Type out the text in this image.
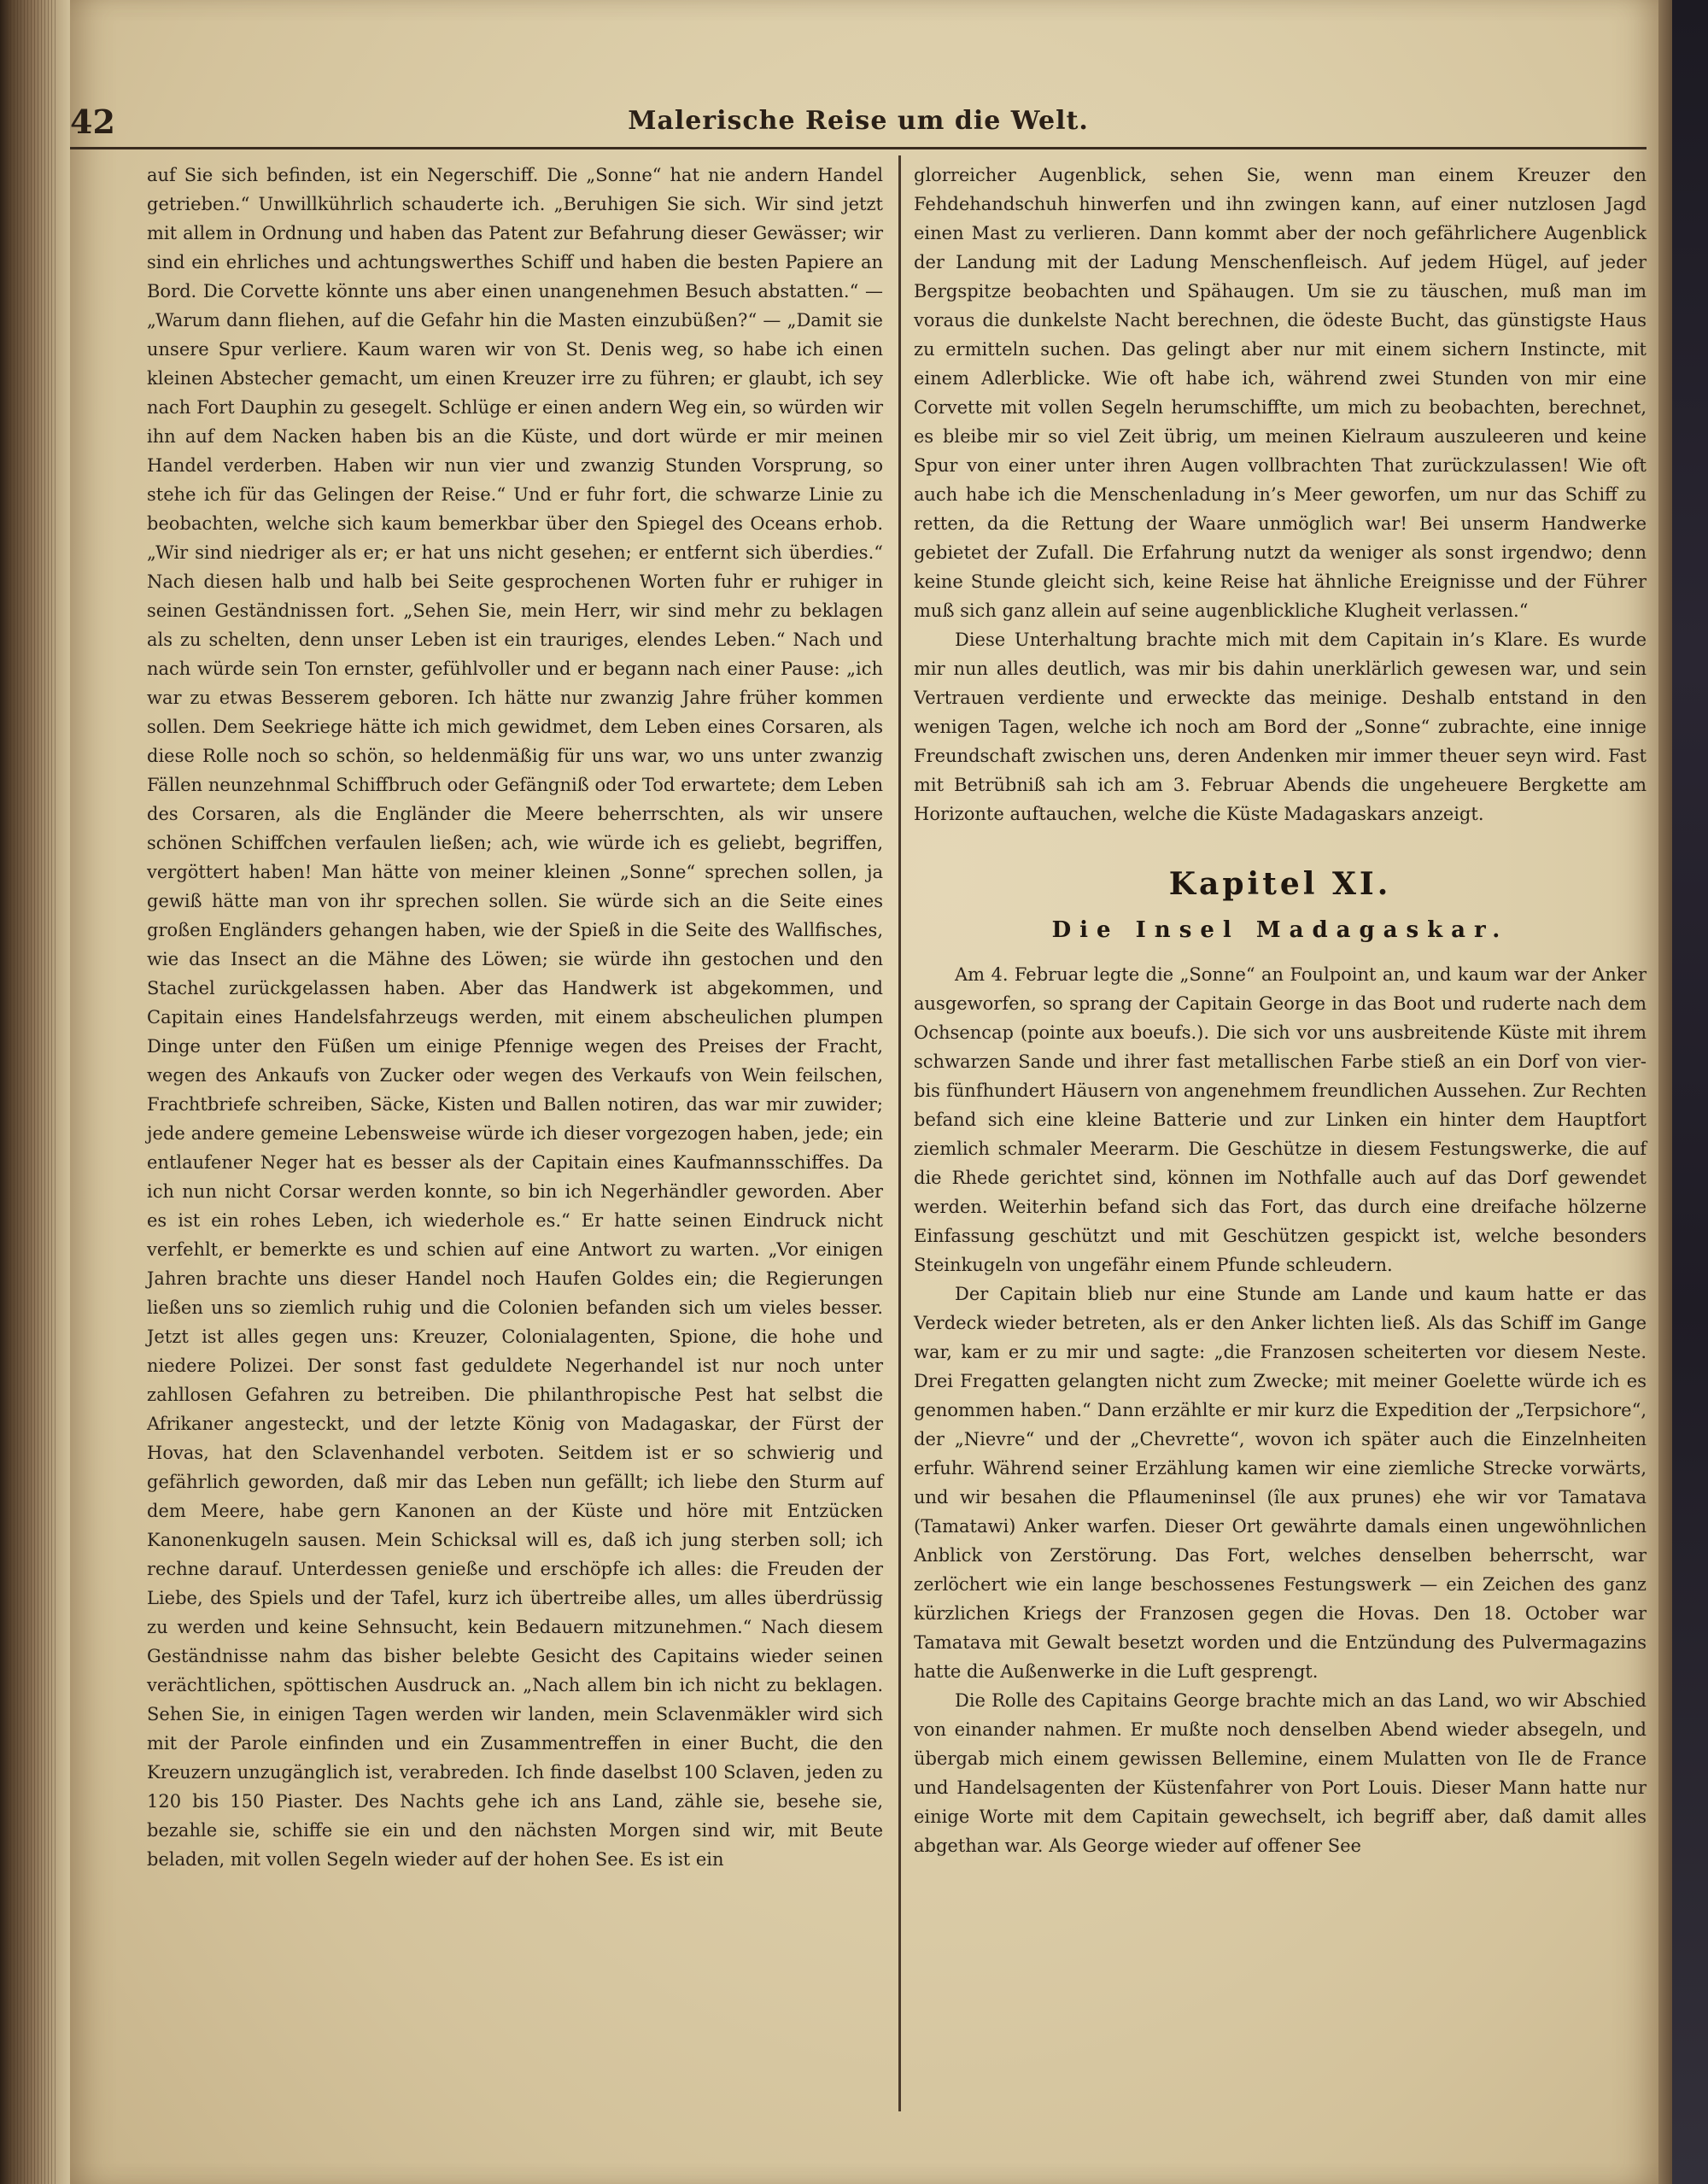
42	Malerische Reise um die Welt.

auf Sie sich befinden, ist ein Negerschiff. Die „Sonne“ hat nie andern Handel getrieben.“ Unwillkührlich schauderte ich. „Beruhigen Sie sich. Wir sind jetzt mit allem in Ordnung und haben das Patent zur Befahrung dieser Gewässer; wir sind ein ehrliches und achtungswerthes Schiff und haben die besten Papiere an Bord. Die Corvette könnte uns aber einen unangenehmen Besuch abstatten.“ — „Warum dann fliehen, auf die Gefahr hin die Masten einzubüßen?“ — „Damit sie unsere Spur verliere. Kaum waren wir von St. Denis weg, so habe ich einen kleinen Abstecher gemacht, um einen Kreuzer irre zu führen; er glaubt, ich sey nach Fort Dauphin zu gesegelt. Schlüge er einen andern Weg ein, so würden wir ihn auf dem Nacken haben bis an die Küste, und dort würde er mir meinen Handel verderben. Haben wir nun vier und zwanzig Stunden Vorsprung, so stehe ich für das Gelingen der Reise.“ Und er fuhr fort, die schwarze Linie zu beobachten, welche sich kaum bemerkbar über den Spiegel des Oceans erhob. „Wir sind niedriger als er; er hat uns nicht gesehen; er entfernt sich überdies.“ Nach diesen halb und halb bei Seite gesprochenen Worten fuhr er ruhiger in seinen Geständnissen fort. „Sehen Sie, mein Herr, wir sind mehr zu beklagen als zu schelten, denn unser Leben ist ein trauriges, elendes Leben.“ Nach und nach würde sein Ton ernster, gefühlvoller und er begann nach einer Pause: „ich war zu etwas Besserem geboren. Ich hätte nur zwanzig Jahre früher kommen sollen. Dem Seekriege hätte ich mich gewidmet, dem Leben eines Corsaren, als diese Rolle noch so schön, so heldenmäßig für uns war, wo uns unter zwanzig Fällen neunzehnmal Schiffbruch oder Gefängniß oder Tod erwartete; dem Leben des Corsaren, als die Engländer die Meere beherrschten, als wir unsere schönen Schiffchen verfaulen ließen; ach, wie würde ich es geliebt, begriffen, vergöttert haben! Man hätte von meiner kleinen „Sonne“ sprechen sollen, ja gewiß hätte man von ihr sprechen sollen. Sie würde sich an die Seite eines großen Engländers gehangen haben, wie der Spieß in die Seite des Wallfisches, wie das Insect an die Mähne des Löwen; sie würde ihn gestochen und den Stachel zurückgelassen haben. Aber das Handwerk ist abgekommen, und Capitain eines Handelsfahrzeugs werden, mit einem abscheulichen plumpen Dinge unter den Füßen um einige Pfennige wegen des Preises der Fracht, wegen des Ankaufs von Zucker oder wegen des Verkaufs von Wein feilschen, Frachtbriefe schreiben, Säcke, Kisten und Ballen notiren, das war mir zuwider; jede andere gemeine Lebensweise würde ich dieser vorgezogen haben, jede; ein entlaufener Neger hat es besser als der Capitain eines Kaufmannsschiffes. Da ich nun nicht Corsar werden konnte, so bin ich Negerhändler geworden. Aber es ist ein rohes Leben, ich wiederhole es.“ Er hatte seinen Eindruck nicht verfehlt, er bemerkte es und schien auf eine Antwort zu warten. „Vor einigen Jahren brachte uns dieser Handel noch Haufen Goldes ein; die Regierungen ließen uns so ziemlich ruhig und die Colonien befanden sich um vieles besser. Jetzt ist alles gegen uns: Kreuzer, Colonialagenten, Spione, die hohe und niedere Polizei. Der sonst fast geduldete Negerhandel ist nur noch unter zahllosen Gefahren zu betreiben. Die philanthropische Pest hat selbst die Afrikaner angesteckt, und der letzte König von Madagaskar, der Fürst der Hovas, hat den Sclavenhandel verboten. Seitdem ist er so schwierig und gefährlich geworden, daß mir das Leben nun gefällt; ich liebe den Sturm auf dem Meere, habe gern Kanonen an der Küste und höre mit Entzücken Kanonenkugeln sausen. Mein Schicksal will es, daß ich jung sterben soll; ich rechne darauf. Unterdessen genieße und erschöpfe ich alles: die Freuden der Liebe, des Spiels und der Tafel, kurz ich übertreibe alles, um alles überdrüssig zu werden und keine Sehnsucht, kein Bedauern mitzunehmen.“ Nach diesem Geständnisse nahm das bisher belebte Gesicht des Capitains wieder seinen verächtlichen, spöttischen Ausdruck an. „Nach allem bin ich nicht zu beklagen. Sehen Sie, in einigen Tagen werden wir landen, mein Sclavenmäkler wird sich mit der Parole einfinden und ein Zusammentreffen in einer Bucht, die den Kreuzern unzugänglich ist, verabreden. Ich finde daselbst 100 Sclaven, jeden zu 120 bis 150 Piaster. Des Nachts gehe ich ans Land, zähle sie, besehe sie, bezahle sie, schiffe sie ein und den nächsten Morgen sind wir, mit Beute beladen, mit vollen Segeln wieder auf der hohen See. Es ist ein

glorreicher Augenblick, sehen Sie, wenn man einem Kreuzer den Fehdehandschuh hinwerfen und ihn zwingen kann, auf einer nutzlosen Jagd einen Mast zu verlieren. Dann kommt aber der noch gefährlichere Augenblick der Landung mit der Ladung Menschenfleisch. Auf jedem Hügel, auf jeder Bergspitze beobachten und Spähaugen. Um sie zu täuschen, muß man im voraus die dunkelste Nacht berechnen, die ödeste Bucht, das günstigste Haus zu ermitteln suchen. Das gelingt aber nur mit einem sichern Instincte, mit einem Adlerblicke. Wie oft habe ich, während zwei Stunden von mir eine Corvette mit vollen Segeln herumschiffte, um mich zu beobachten, berechnet, es bleibe mir so viel Zeit übrig, um meinen Kielraum auszuleeren und keine Spur von einer unter ihren Augen vollbrachten That zurückzulassen! Wie oft auch habe ich die Menschenladung in’s Meer geworfen, um nur das Schiff zu retten, da die Rettung der Waare unmöglich war! Bei unserm Handwerke gebietet der Zufall. Die Erfahrung nutzt da weniger als sonst irgendwo; denn keine Stunde gleicht sich, keine Reise hat ähnliche Ereignisse und der Führer muß sich ganz allein auf seine augenblickliche Klugheit verlassen.“

Diese Unterhaltung brachte mich mit dem Capitain in’s Klare. Es wurde mir nun alles deutlich, was mir bis dahin unerklärlich gewesen war, und sein Vertrauen verdiente und erweckte das meinige. Deshalb entstand in den wenigen Tagen, welche ich noch am Bord der „Sonne“ zubrachte, eine innige Freundschaft zwischen uns, deren Andenken mir immer theuer seyn wird. Fast mit Betrübniß sah ich am 3. Februar Abends die ungeheuere Bergkette am Horizonte auftauchen, welche die Küste Madagaskars anzeigt.

Kapitel XI.
Die Insel Madagaskar.

Am 4. Februar legte die „Sonne“ an Foulpoint an, und kaum war der Anker ausgeworfen, so sprang der Capitain George in das Boot und ruderte nach dem Ochsencap (pointe aux boeufs.). Die sich vor uns ausbreitende Küste mit ihrem schwarzen Sande und ihrer fast metallischen Farbe stieß an ein Dorf von vier- bis fünfhundert Häusern von angenehmem freundlichen Aussehen. Zur Rechten befand sich eine kleine Batterie und zur Linken ein hinter dem Hauptfort ziemlich schmaler Meerarm. Die Geschütze in diesem Festungswerke, die auf die Rhede gerichtet sind, können im Nothfalle auch auf das Dorf gewendet werden. Weiterhin befand sich das Fort, das durch eine dreifache hölzerne Einfassung geschützt und mit Geschützen gespickt ist, welche besonders Steinkugeln von ungefähr einem Pfunde schleudern.

Der Capitain blieb nur eine Stunde am Lande und kaum hatte er das Verdeck wieder betreten, als er den Anker lichten ließ. Als das Schiff im Gange war, kam er zu mir und sagte: „die Franzosen scheiterten vor diesem Neste. Drei Fregatten gelangten nicht zum Zwecke; mit meiner Goelette würde ich es genommen haben.“ Dann erzählte er mir kurz die Expedition der „Terpsichore“, der „Nievre“ und der „Chevrette“, wovon ich später auch die Einzelnheiten erfuhr. Während seiner Erzählung kamen wir eine ziemliche Strecke vorwärts, und wir besahen die Pflaumeninsel (île aux prunes) ehe wir vor Tamatava (Tamatawi) Anker warfen. Dieser Ort gewährte damals einen ungewöhnlichen Anblick von Zerstörung. Das Fort, welches denselben beherrscht, war zerlöchert wie ein lange beschossenes Festungswerk — ein Zeichen des ganz kürzlichen Kriegs der Franzosen gegen die Hovas. Den 18. October war Tamatava mit Gewalt besetzt worden und die Entzündung des Pulvermagazins hatte die Außenwerke in die Luft gesprengt.

Die Rolle des Capitains George brachte mich an das Land, wo wir Abschied von einander nahmen. Er mußte noch denselben Abend wieder absegeln, und übergab mich einem gewissen Bellemine, einem Mulatten von Ile de France und Handelsagenten der Küstenfahrer von Port Louis. Dieser Mann hatte nur einige Worte mit dem Capitain gewechselt, ich begriff aber, daß damit alles abgethan war. Als George wieder auf offener See
